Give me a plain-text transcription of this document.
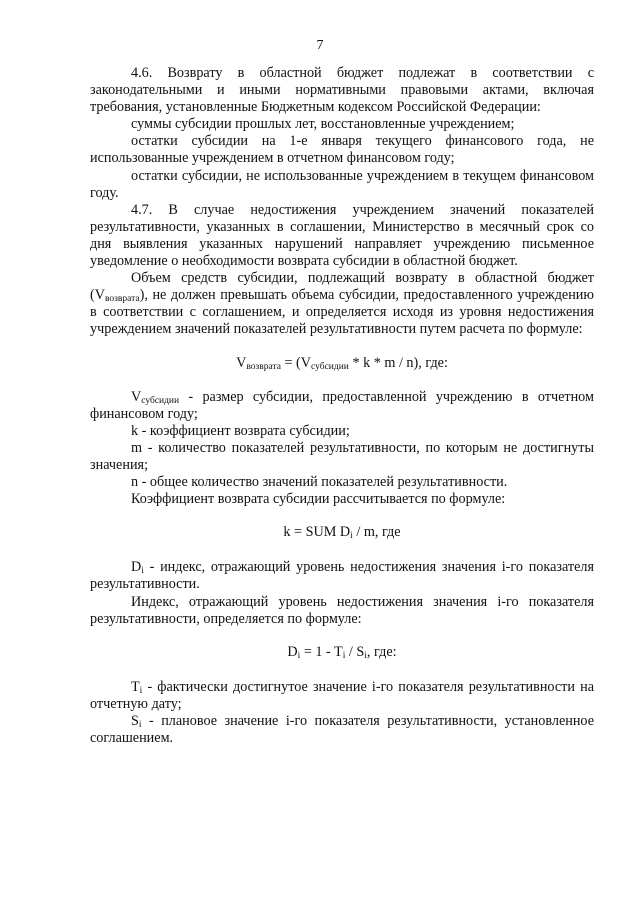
7

4.6. Возврату в областной бюджет подлежат в соответствии с законодательными и иными нормативными правовыми актами, включая требования, установленные Бюджетным кодексом Российской Федерации:

суммы субсидии прошлых лет, восстановленные учреждением;

остатки субсидии на 1-е января текущего финансового года, не использованные учреждением в отчетном финансовом году;

остатки субсидии, не использованные учреждением в текущем финансовом году.

4.7. В случае недостижения учреждением значений показателей результативности, указанных в соглашении, Министерство в месячный срок со дня выявления указанных нарушений направляет учреждению письменное уведомление о необходимости возврата субсидии в областной бюджет.

Объем средств субсидии, подлежащий возврату в областной бюджет $(V_{возврата})$, не должен превышать объема субсидии, предоставленного учреждению в соответствии с соглашением, и определяется исходя из уровня недостижения учреждением значений показателей результативности путем расчета по формуле:

$V_{возврата} = (V_{субсидии} * k * m / n)$, где:

$V_{субсидии}$ - размер субсидии, предоставленной учреждению в отчетном финансовом году;

k - коэффициент возврата субсидии;

m - количество показателей результативности, по которым не достигнуты значения;

n - общее количество значений показателей результативности.

Коэффициент возврата субсидии рассчитывается по формуле:

k = SUM $D_i$ / m, где

$D_i$ - индекс, отражающий уровень недостижения значения i-го показателя результативности.

Индекс, отражающий уровень недостижения значения i-го показателя результативности, определяется по формуле:

$D_i = 1 - T_i / S_i$, где:

$T_i$ - фактически достигнутое значение i-го показателя результативности на отчетную дату;

$S_i$ - плановое значение i-го показателя результативности, установленное соглашением.
